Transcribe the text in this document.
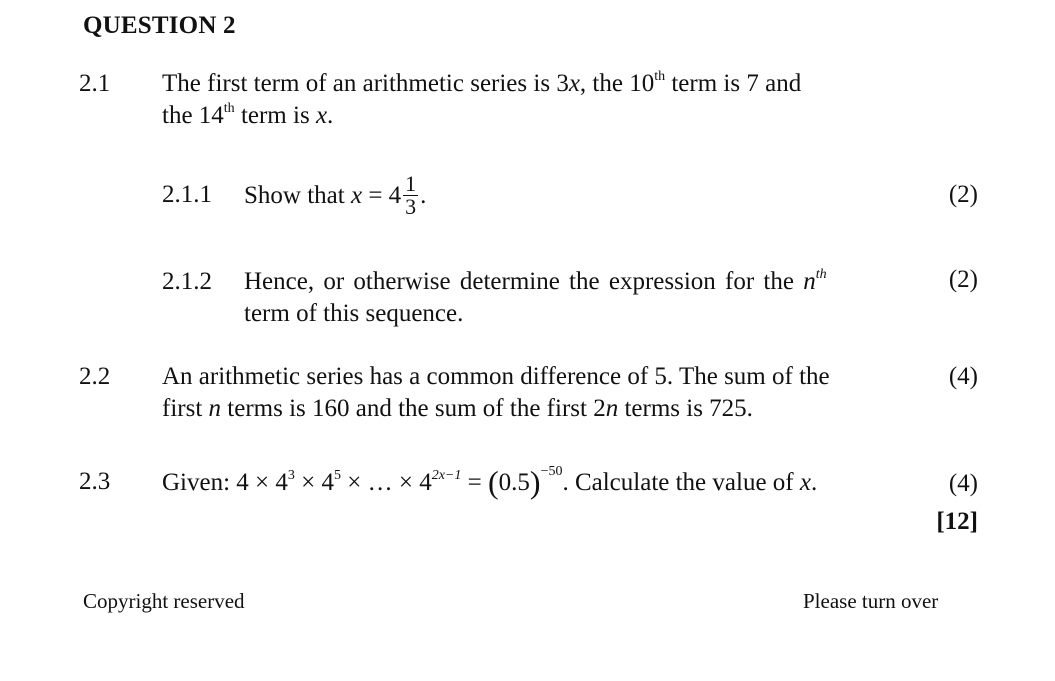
QUESTION 2
2.1 The first term of an arithmetic series is 3x, the 10th term is 7 and
the 14th term is x.
2.1.1 Show that $x = 4 \frac{1}{3}$ .	(2)
2.1.2 Hence, or otherwise determine the expression for the $n^{th}$
term of this sequence.
(2)
2.2 An arithmetic series has a common difference of 5. The sum of the
first n terms is 160 and the sum of the first 2n terms is 725.
(4)
2.3 Given: $4 \times 4^3 \times 4^5$ × … × $4^{2x-1} = (0.5)^{-50}$. Calculate the value of x.	(4)
[12]
Copyright reserved	Please turn over
